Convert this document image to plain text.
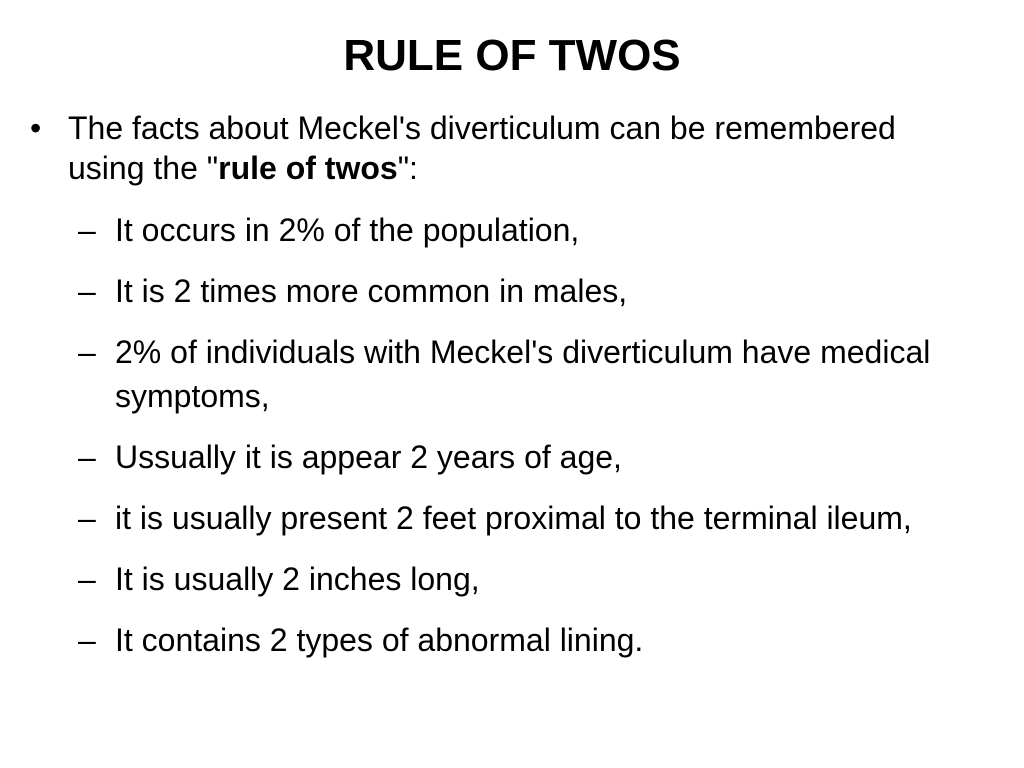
RULE OF TWOS
• The facts about Meckel's diverticulum can be remembered using the "rule of twos":
– It occurs in 2% of the population,
– It is 2 times more common in males,
– 2% of individuals with Meckel's diverticulum have medical symptoms,
– Ussually it is appear 2 years of age,
– it is usually present 2 feet proximal to the terminal ileum,
– It is usually 2 inches long,
– It contains 2 types of abnormal lining.
